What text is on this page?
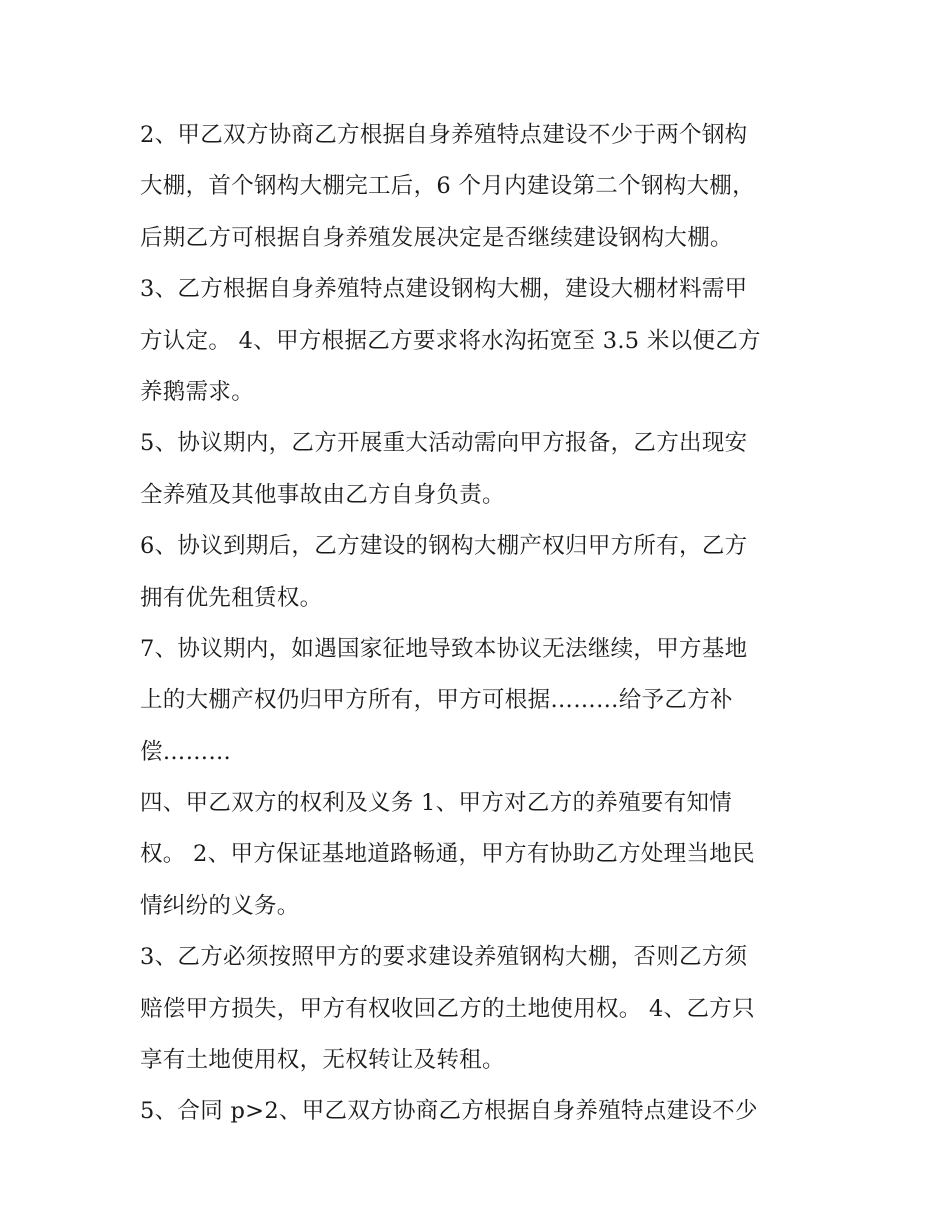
2、甲乙双方协商乙方根据自身养殖特点建设不少于两个钢构
大棚，首个钢构大棚完工后，6 个月内建设第二个钢构大棚，
后期乙方可根据自身养殖发展决定是否继续建设钢构大棚。
3、乙方根据自身养殖特点建设钢构大棚，建设大棚材料需甲
方认定。 4、甲方根据乙方要求将水沟拓宽至 3.5 米以便乙方
养鹅需求。
5、协议期内，乙方开展重大活动需向甲方报备，乙方出现安
全养殖及其他事故由乙方自身负责。
6、协议到期后，乙方建设的钢构大棚产权归甲方所有，乙方
拥有优先租赁权。
7、协议期内，如遇国家征地导致本协议无法继续，甲方基地
上的大棚产权仍归甲方所有，甲方可根据………给予乙方补
偿………
四、甲乙双方的权利及义务 1、甲方对乙方的养殖要有知情
权。 2、甲方保证基地道路畅通，甲方有协助乙方处理当地民
情纠纷的义务。
3、乙方必须按照甲方的要求建设养殖钢构大棚，否则乙方须
赔偿甲方损失，甲方有权收回乙方的土地使用权。 4、乙方只
享有土地使用权，无权转让及转租。
5、合同 p>2、甲乙双方协商乙方根据自身养殖特点建设不少
